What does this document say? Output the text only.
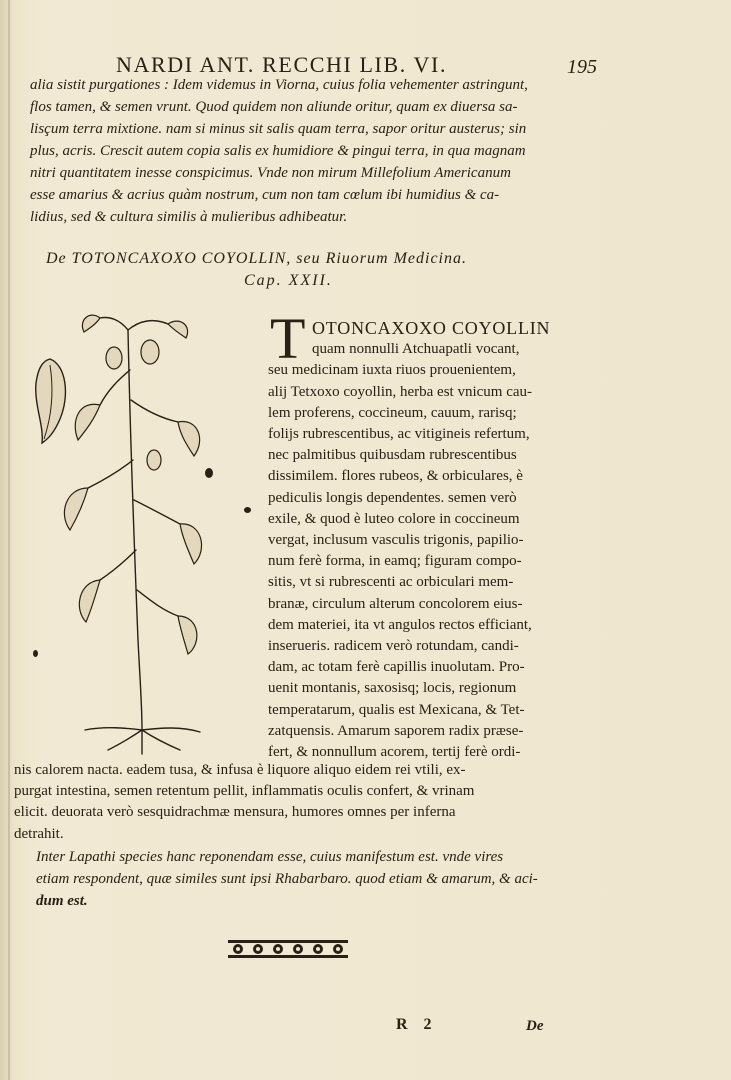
NARDI ANT. RECCHI LIB. VI.	195
alia sistit purgationes : Idem videmus in Viorna, cuius folia vehementer astringunt,
flos tamen, & semen vrunt. Quod quidem non aliunde oritur, quam ex diuersa sa-
lisçum terra mixtione. nam si minus sit salis quam terra, sapor oritur austerus; sin
plus, acris. Crescit autem copia salis ex humidiore & pingui terra, in qua magnam
nitri quantitatem inesse conspicimus. Vnde non mirum Millefolium Americanum
esse amarius & acrius quàm nostrum, cum non tam cœlum ibi humidius & ca-
lidius, sed & cultura similis à mulieribus adhibeatur.
De TOTONCAXOXO COYOLLIN, seu Riuorum Medicina.
Cap. XXII.
T OTONCAXOXO COYOLLIN
quam nonnulli Atchuapatli vocant,
seu medicinam iuxta riuos prouenientem,
alij Tetxoxo coyollin, herba est vnicum cau-
lem proferens, coccineum, cauum, rarisq;
folijs rubrescentibus, ac vitigineis refertum,
nec palmitibus quibusdam rubrescentibus
dissimilem. flores rubeos, & orbiculares, è
pediculis longis dependentes. semen verò
exile, & quod è luteo colore in coccineum
vergat, inclusum vasculis trigonis, papilio-
num ferè forma, in eamq; figuram compo-
sitis, vt si rubrescenti ac orbiculari mem-
branæ, circulum alterum concolorem eius-
dem materiei, ita vt angulos rectos efficiant,
inserueris. radicem verò rotundam, candi-
dam, ac totam ferè capillis inuolutam. Pro-
uenit montanis, saxosisq; locis, regionum
temperatarum, qualis est Mexicana, & Tet-
zatquensis. Amarum saporem radix præse-
fert, & nonnullum acorem, tertij ferè ordi-
nis calorem nacta. eadem tusa, & infusa è liquore aliquo eidem rei vtili, ex-
purgat intestina, semen retentum pellit, inflammatis oculis confert, & vrinam
elicit. deuorata verò sesquidrachmæ mensura, humores omnes per inferna
detrahit.
Inter Lapathi species hanc reponendam esse, cuius manifestum est. vnde vires
etiam respondent, quæ similes sunt ipsi Rhabarbaro. quod etiam & amarum, & aci-
dum est.
R 2	De
